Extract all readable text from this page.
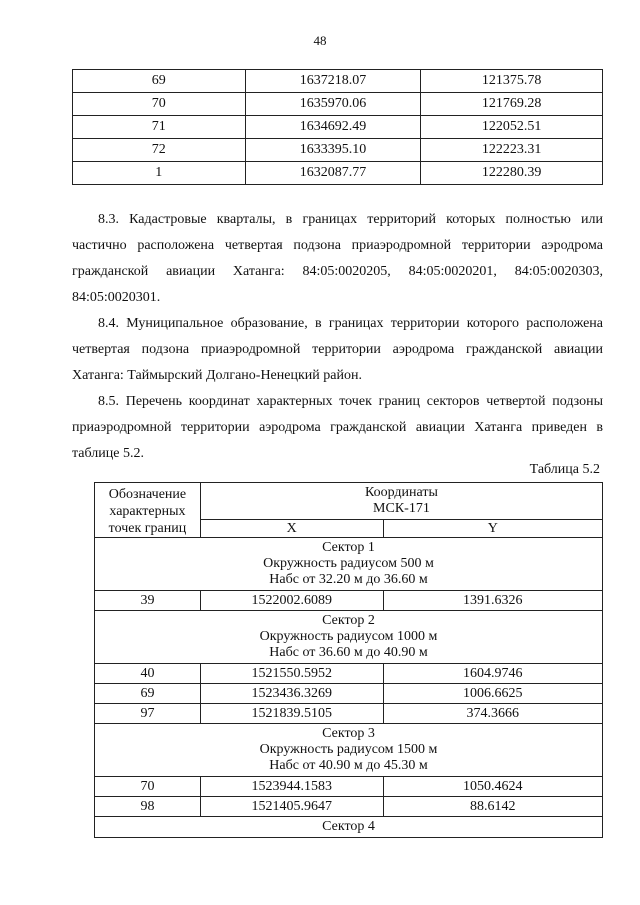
48
69	1637218.07	121375.78
70	1635970.06	121769.28
71	1634692.49	122052.51
72	1633395.10	122223.31
1	1632087.77	122280.39
8.3. Кадастровые кварталы, в границах территорий которых полностью или частично расположена четвертая подзона приаэродромной территории аэродрома гражданской авиации Хатанга: 84:05:0020205, 84:05:0020201, 84:05:0020303, 84:05:0020301.
8.4. Муниципальное образование, в границах территории которого расположена четвертая подзона приаэродромной территории аэродрома гражданской авиации Хатанга: Таймырский Долгано-Ненецкий район.
8.5. Перечень координат характерных точек границ секторов четвертой подзоны приаэродромной территории аэродрома гражданской авиации Хатанга приведен в таблице 5.2.
Таблица 5.2
Обозначение характерных точек границ	Координаты
МСК-171	

	X	Y

Сектор 1
Окружность радиусом 500 м
Набс от 32.20 м до 36.60 м		

39	1522002.6089	1391.6326

Сектор 2
Окружность радиусом 1000 м
Набс от 36.60 м до 40.90 м		

40	1521550.5952	1604.9746
69	1523436.3269	1006.6625
97	1521839.5105	374.3666

Сектор 3
Окружность радиусом 1500 м
Набс от 40.90 м до 45.30 м		

70	1523944.1583	1050.4624
98	1521405.9647	88.6142

Сектор 4		
